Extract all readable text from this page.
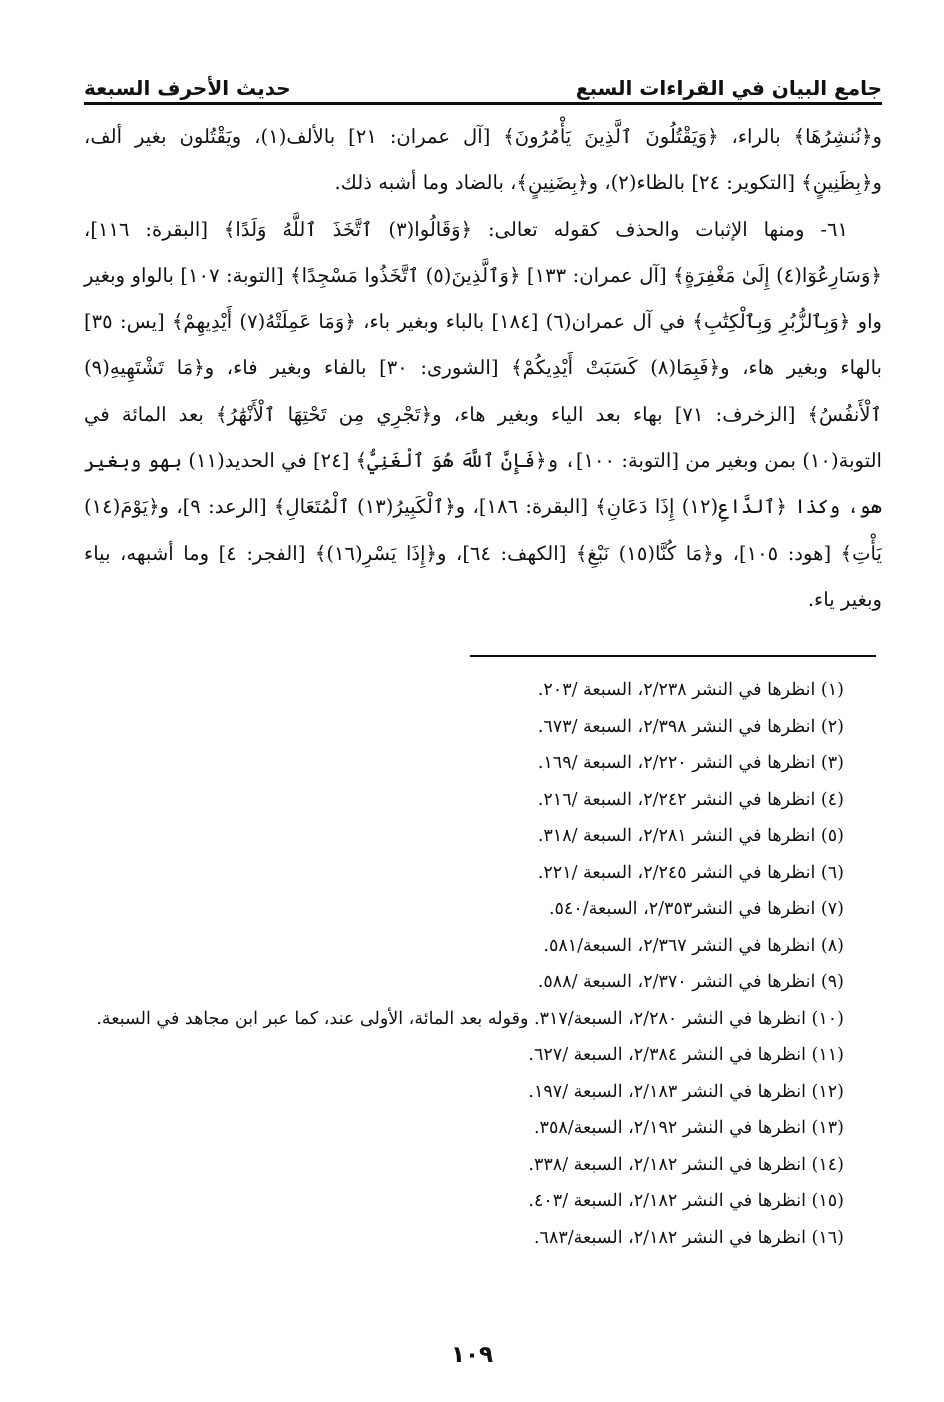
جامع البيان في القراءات السبع
حديث الأحرف السبعة

و﴿نُنشِرُهَا﴾ بالراء، ﴿وَيَقْتُلُونَ ٱلَّذِينَ يَأْمُرُونَ﴾ [آل عمران: ٢١] بالألف(١)، ويَقْتُلون بغير ألف، و﴿بِظَنِينٍ﴾ [التكوير: ٢٤] بالظاء(٢)، و﴿بِضَنِينٍ﴾، بالضاد وما أشبه ذلك.

٦١- ومنها الإثبات والحذف كقوله تعالى: ﴿وَقَالُوا(٣) ٱتَّخَذَ ٱللَّهُ وَلَدًا﴾ [البقرة: ١١٦]، ﴿وَسَارِعُوٓا(٤) إِلَىٰ مَغْفِرَةٍ﴾ [آل عمران: ١٣٣] ﴿وَٱلَّذِينَ(٥) ٱتَّخَذُوا مَسْجِدًا﴾ [التوبة: ١٠٧] بالواو وبغير واو ﴿وَبِٱلزُّبُرِ وَبِٱلْكِتَٰبِ﴾ في آل عمران(٦) [١٨٤] بالباء وبغير باء، ﴿وَمَا عَمِلَتْهُ(٧) أَيْدِيهِمْ﴾ [يس: ٣٥] بالهاء وبغير هاء، و﴿فَبِمَا(٨) كَسَبَتْ أَيْدِيكُمْ﴾ [الشورى: ٣٠] بالفاء وبغير فاء، و﴿مَا تَشْتَهِيهِ(٩) ٱلْأَنفُسُ﴾ [الزخرف: ٧١] بهاء بعد الياء وبغير هاء، و﴿تَجْرِي مِن تَحْتِهَا ٱلْأَنْهَٰرُ﴾ بعد المائة في التوبة(١٠) بمن وبغير من [التوبة: ١٠٠]، و﴿فَإِنَّ ٱللَّهَ هُوَ ٱلْغَنِيُّ﴾ [٢٤] في الحديد(١١) بهو وبغير هو، وكذا ﴿ٱلدَّاعِ(١٢) إِذَا دَعَانِ﴾ [البقرة: ١٨٦]، و﴿ٱلْكَبِيرُ(١٣) ٱلْمُتَعَالِ﴾ [الرعد: ٩]، و﴿يَوْمَ(١٤) يَأْتِ﴾ [هود: ١٠٥]، و﴿مَا كُنَّا(١٥) نَبْغِ﴾ [الكهف: ٦٤]، و﴿إِذَا يَسْرِ(١٦)﴾ [الفجر: ٤] وما أشبهه، بياء وبغير ياء.

(١) انظرها في النشر ٢/٢٣٨، السبعة /٢٠٣.
(٢) انظرها في النشر ٢/٣٩٨، السبعة /٦٧٣.
(٣) انظرها في النشر ٢/٢٢٠، السبعة /١٦٩.
(٤) انظرها في النشر ٢/٢٤٢، السبعة /٢١٦.
(٥) انظرها في النشر ٢/٢٨١، السبعة /٣١٨.
(٦) انظرها في النشر ٢/٢٤٥، السبعة /٢٢١.
(٧) انظرها في النشر٢/٣٥٣، السبعة/٥٤٠.
(٨) انظرها في النشر ٢/٣٦٧، السبعة/٥٨١.
(٩) انظرها في النشر ٢/٣٧٠، السبعة /٥٨٨.
(١٠) انظرها في النشر ٢/٢٨٠، السبعة/٣١٧. وقوله بعد المائة، الأولى عند، كما عبر ابن مجاهد في السبعة.
(١١) انظرها في النشر ٢/٣٨٤، السبعة /٦٢٧.
(١٢) انظرها في النشر ٢/١٨٣، السبعة /١٩٧.
(١٣) انظرها في النشر ٢/١٩٢، السبعة/٣٥٨.
(١٤) انظرها في النشر ٢/١٨٢، السبعة /٣٣٨.
(١٥) انظرها في النشر ٢/١٨٢، السبعة /٤٠٣.
(١٦) انظرها في النشر ٢/١٨٢، السبعة/٦٨٣.
١٠٩
